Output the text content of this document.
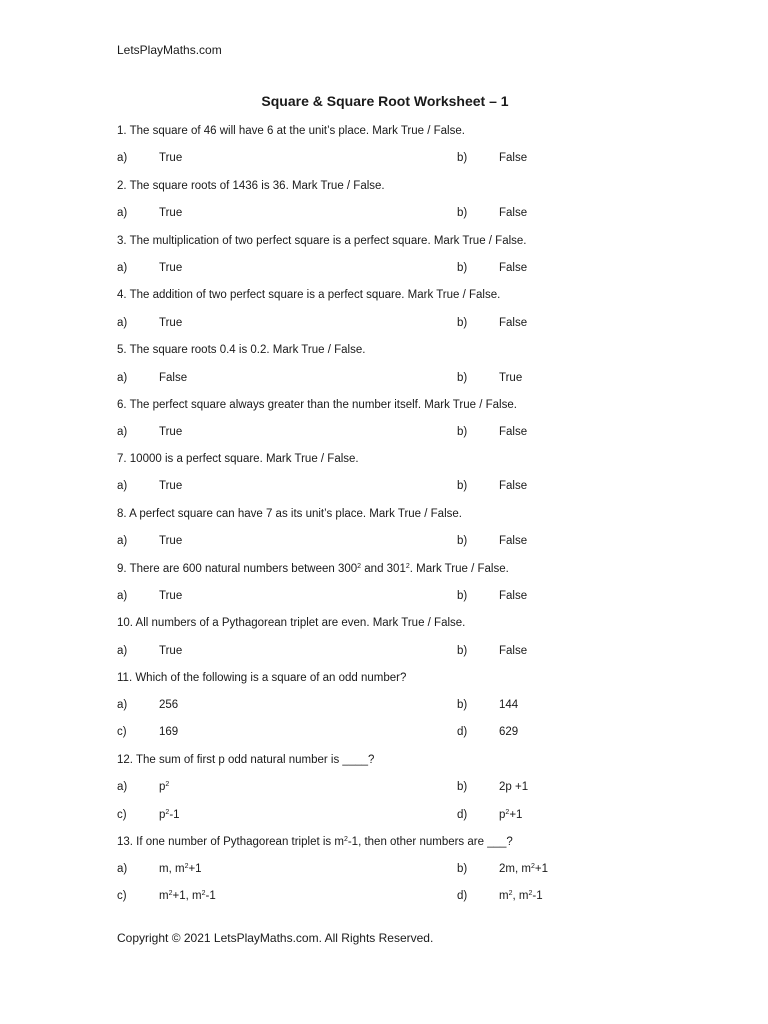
LetsPlayMaths.com
Square & Square Root Worksheet – 1
1. The square of 46 will have 6 at the unit’s place. Mark True / False.
a)	True	b)	False
2. The square roots of 1436 is 36. Mark True / False.
a)	True	b)	False
3. The multiplication of two perfect square is a perfect square. Mark True / False.
a)	True	b)	False
4. The addition of two perfect square is a perfect square. Mark True / False.
a)	True	b)	False
5. The square roots 0.4 is 0.2. Mark True / False.
a)	False	b)	True
6. The perfect square always greater than the number itself. Mark True / False.
a)	True	b)	False
7. 10000 is a perfect square. Mark True / False.
a)	True	b)	False
8. A perfect square can have 7 as its unit’s place. Mark True / False.
a)	True	b)	False
9. There are 600 natural numbers between $300^2$ and $301^2$. Mark True / False.
a)	True	b)	False
10. All numbers of a Pythagorean triplet are even. Mark True / False.
a)	True	b)	False
11. Which of the following is a square of an odd number?
a)	256	b)	144
c)	169	d)	629
12. The sum of first p odd natural number is ____?
a)	$p^2$	b)	2p +1
c)	$p^2-1$	d)	$p^2+1$
13. If one number of Pythagorean triplet is $m^2-1$, then other numbers are ___?
a)	m, $m^2+1$	b)	2m, $m^2+1$
c)	$m^2+1$, $m^2-1$	d)	$m^2$, $m^2-1$
Copyright © 2021 LetsPlayMaths.com. All Rights Reserved.
